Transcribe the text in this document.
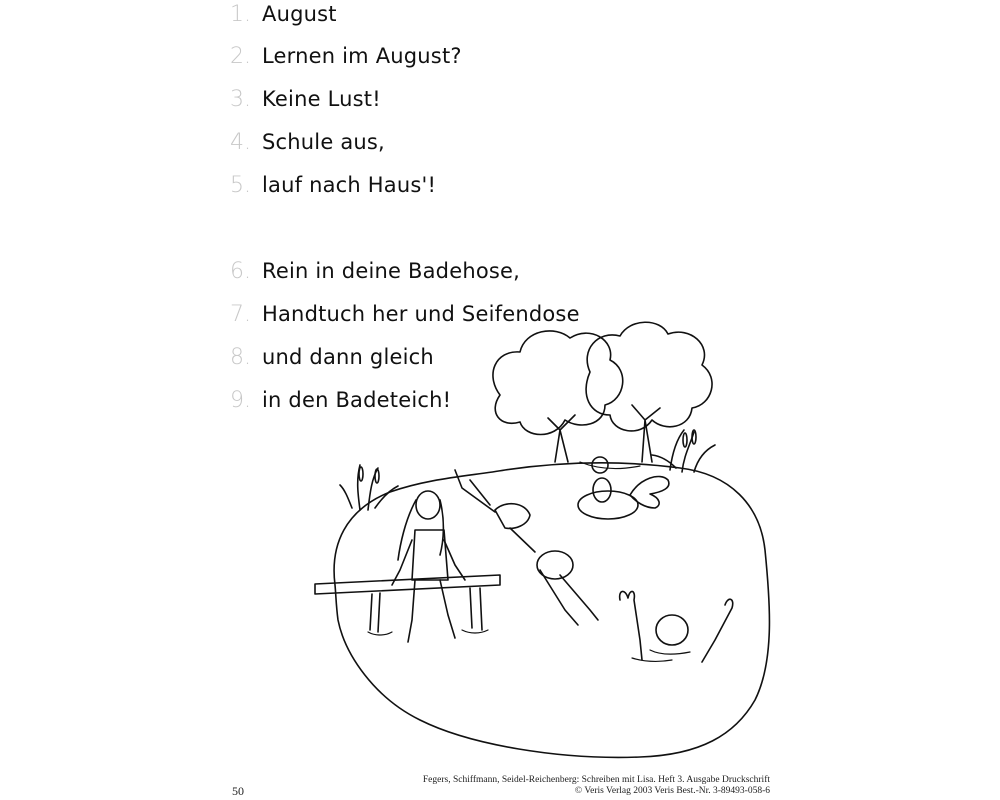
1. August
2. Lernen im August?
3. Keine Lust!
4. Schule aus,
5. lauf nach Haus'!
6. Rein in deine Badehose,
7. Handtuch her und Seifendose
8. und dann gleich
9. in den Badeteich!
50
Fegers, Schiffmann, Seidel-Reichenberg: Schreiben mit Lisa. Heft 3. Ausgabe Druckschrift
© Veris Verlag 2003 Veris Best.-Nr. 3-89493-058-6
